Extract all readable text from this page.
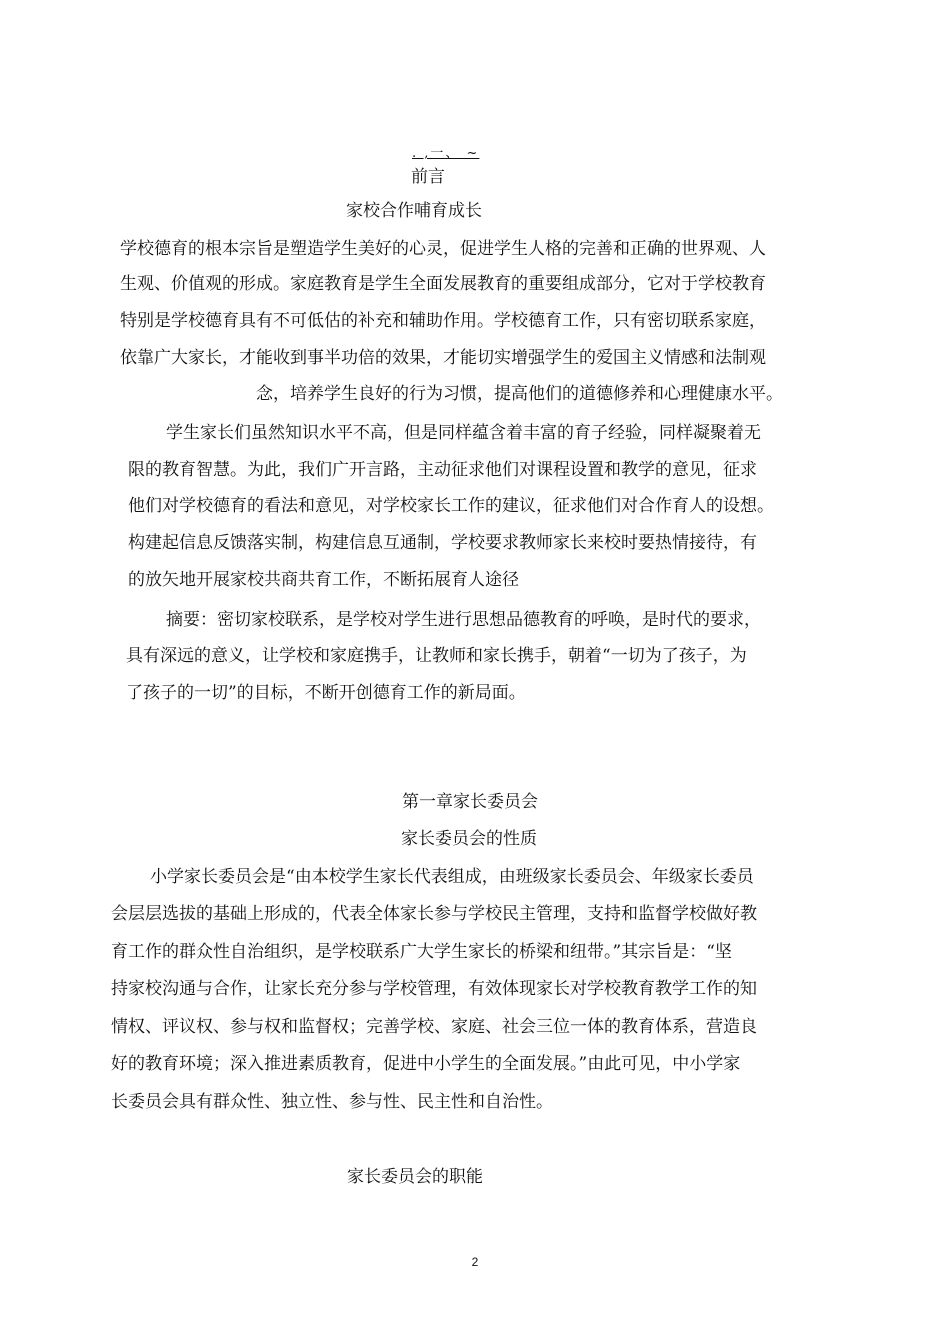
. ,一、 ~
前言
家校合作哺育成长
学校德育的根本宗旨是塑造学生美好的心灵，促进学生人格的完善和正确的世界观、人
生观、价值观的形成。家庭教育是学生全面发展教育的重要组成部分，它对于学校教育
特别是学校德育具有不可低估的补充和辅助作用。学校德育工作，只有密切联系家庭，
依靠广大家长，才能收到事半功倍的效果，才能切实增强学生的爱国主义情感和法制观
念，培养学生良好的行为习惯，提高他们的道德修养和心理健康水平。
学生家长们虽然知识水平不高，但是同样蕴含着丰富的育子经验，同样凝聚着无
限的教育智慧。为此，我们广开言路，主动征求他们对课程设置和教学的意见，征求
他们对学校德育的看法和意见，对学校家长工作的建议，征求他们对合作育人的设想。
构建起信息反馈落实制，构建信息互通制，学校要求教师家长来校时要热情接待，有
的放矢地开展家校共商共育工作，不断拓展育人途径
摘要：密切家校联系，是学校对学生进行思想品德教育的呼唤，是时代的要求，
具有深远的意义，让学校和家庭携手，让教师和家长携手，朝着“一切为了孩子，为
了孩子的一切”的目标，不断开创德育工作的新局面。
第一章家长委员会
家长委员会的性质
小学家长委员会是“由本校学生家长代表组成，由班级家长委员会、年级家长委员
会层层选拔的基础上形成的，代表全体家长参与学校民主管理，支持和监督学校做好教
育工作的群众性自治组织，是学校联系广大学生家长的桥梁和纽带。”其宗旨是：“坚
持家校沟通与合作，让家长充分参与学校管理，有效体现家长对学校教育教学工作的知
情权、评议权、参与权和监督权；完善学校、家庭、社会三位一体的教育体系，营造良
好的教育环境；深入推进素质教育，促进中小学生的全面发展。”由此可见，中小学家
长委员会具有群众性、独立性、参与性、民主性和自治性。
家长委员会的职能
2
